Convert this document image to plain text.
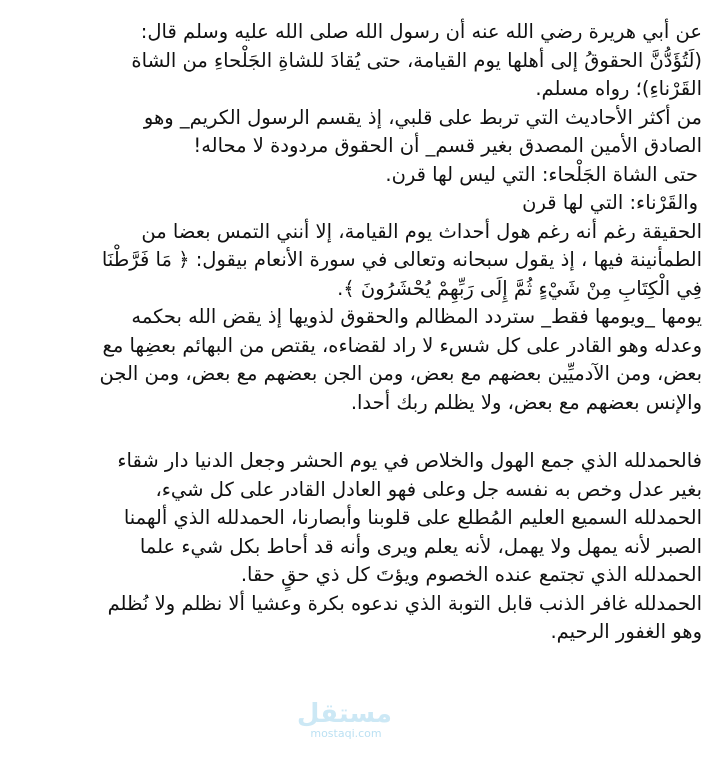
عن أبي هريرة رضي الله عنه أن رسول الله صلى الله عليه وسلم قال:

(لَتُؤَدُّنَّ الحقوقُ إلى أهلها يوم القيامة، حتى يُقادَ للشاةِ الجَلْحاءِ من الشاة

القَرْناءِ)؛ رواه مسلم.

من أكثر الأحاديث التي تربط على قلبي، إذ يقسم الرسول الكريم_ وهو

الصادق الأمين المصدق بغير قسم_ أن الحقوق مردودة لا محاله!

حتى الشاة الجَلْحاء: التي ليس لها قرن.

والقَرْناء: التي لها قرن

الحقيقة رغم أنه رغم هول أحداث يوم القيامة، إلا أنني التمس بعضا من

الطمأنينة فيها ، إذ يقول سبحانه وتعالى في سورة الأنعام بيقول: ﴿ مَا فَرَّطْنَا

فِي الْكِتَابِ مِنْ شَيْءٍ ثُمَّ إِلَى رَبِّهِمْ يُحْشَرُونَ ﴾.

يومها _ويومها فقط_ ستردد المظالم والحقوق لذويها إذ يقض الله بحكمه

وعدله وهو القادر على كل شسء لا راد لقضاءه، يقتص من البهائم بعضِها مع

بعض، ومن الآدميِّين بعضهم مع بعض، ومن الجن بعضهم مع بعض، ومن الجن

والإنس بعضهم مع بعض، ولا يظلم ربك أحدا.

فالحمدلله الذي جمع الهول والخلاص في يوم الحشر وجعل الدنيا دار شقاء

بغير عدل وخص به نفسه جل وعلى فهو العادل القادر على كل شيء،

الحمدلله السميع العليم المُطلع على قلوبنا وأبصارنا، الحمدلله الذي ألهمنا

الصبر لأنه يمهل ولا يهمل، لأنه يعلم ويرى وأنه قد أحاط بكل شيء علما

الحمدلله الذي تجتمع عنده الخصوم ويؤتَ كل ذي حقٍ حقا.

الحمدلله غافر الذنب قابل التوبة الذي ندعوه بكرة وعشيا ألا نظلم ولا نُظلم

وهو الغفور الرحيم.

مستقل
mostaqi.com
